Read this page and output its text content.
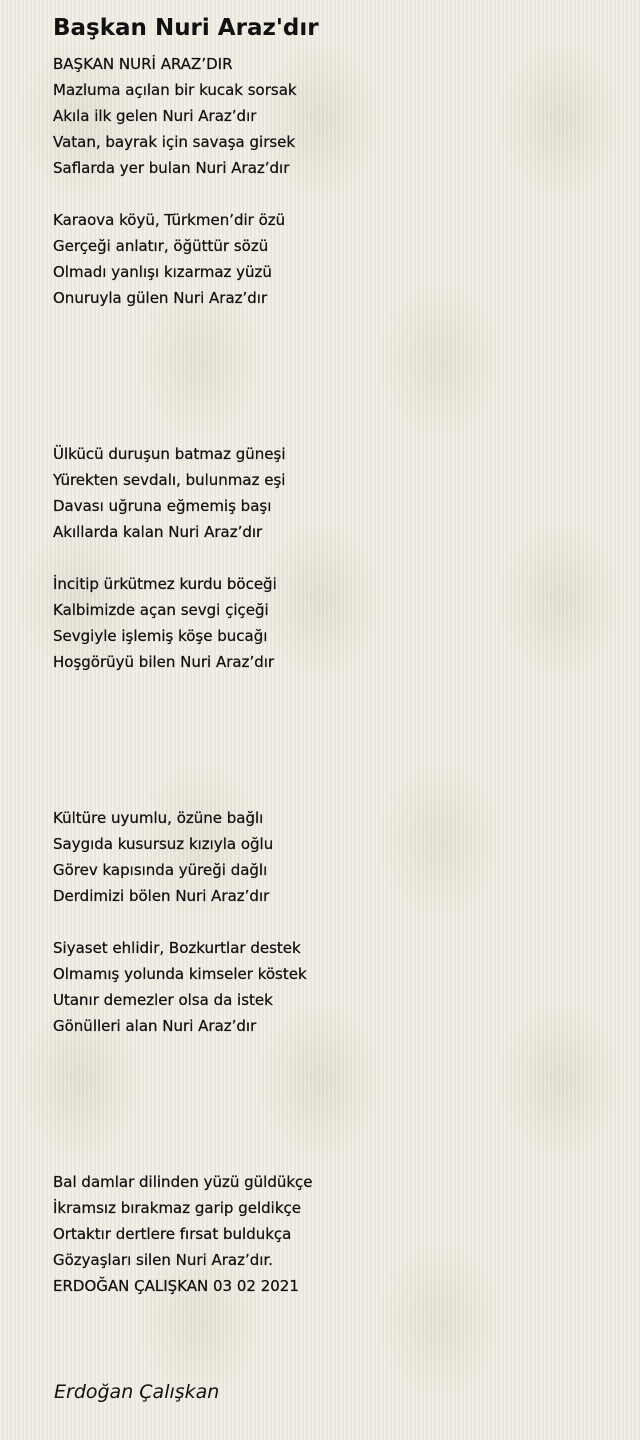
Başkan Nuri Araz'dır
BAŞKAN NURİ ARAZ’DIR
Mazluma açılan bir kucak sorsak
Akıla ilk gelen Nuri Araz’dır
Vatan, bayrak için savaşa girsek
Saflarda yer bulan Nuri Araz’dır
Karaova köyü, Türkmen’dir özü
Gerçeği anlatır, öğüttür sözü
Olmadı yanlışı kızarmaz yüzü
Onuruyla gülen Nuri Araz’dır
Ülkücü duruşun batmaz güneşi
Yürekten sevdalı, bulunmaz eşi
Davası uğruna eğmemiş başı
Akıllarda kalan Nuri Araz’dır
İncitip ürkütmez kurdu böceği
Kalbimizde açan sevgi çiçeği
Sevgiyle işlemiş köşe bucağı
Hoşgörüyü bilen Nuri Araz’dır
Kültüre uyumlu, özüne bağlı
Saygıda kusursuz kızıyla oğlu
Görev kapısında yüreği dağlı
Derdimizi bölen Nuri Araz’dır
Siyaset ehlidir, Bozkurtlar destek
Olmamış yolunda kimseler köstek
Utanır demezler olsa da istek
Gönülleri alan Nuri Araz’dır
Bal damlar dilinden yüzü güldükçe
İkramsız bırakmaz garip geldikçe
Ortaktır dertlere fırsat buldukça
Gözyaşları silen Nuri Araz’dır.
ERDOĞAN ÇALIŞKAN 03 02 2021
Erdoğan Çalışkan
